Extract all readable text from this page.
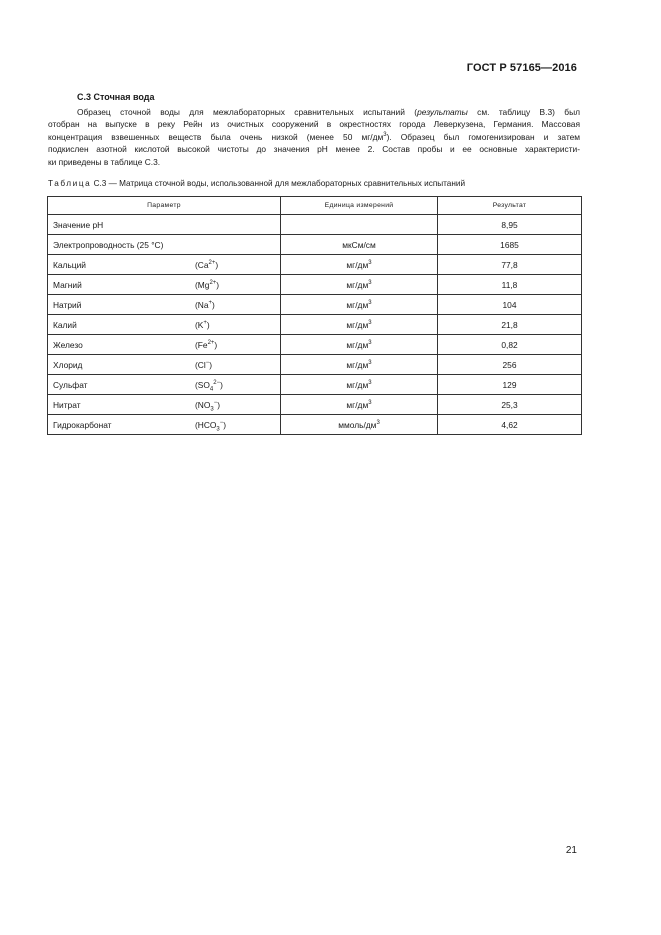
ГОСТ Р 57165—2016
С.3 Сточная вода
Образец сточной воды для межлабораторных сравнительных испытаний (результаты см. таблицу В.3) был
отобран на выпуске в реку Рейн из очистных сооружений в окрестностях города Леверкузена, Германия. Массовая
концентрация взвешенных веществ была очень низкой (менее 50 $мг/дм^3$). Образец был гомогенизирован и затем
подкислен азотной кислотой высокой чистоты до значения pH менее 2. Состав пробы и ее основные характеристи-
ки приведены в таблице С.3.
Таблица С.3 — Матрица сточной воды, использованной для межлабораторных сравнительных испытаний
Параметр	Единица измерений	Результат
Значение pH		8,95
Электропроводность (25 °С)	мкСм/см	1685
Кальций $(Ca^{2+})$	$мг/дм^3$	77,8
Магний $(Mg^{2+})$	$мг/дм^3$	11,8
Натрий (Na+)	$мг/дм^3$	104
Калий (K+)	$мг/дм^3$	21,8
Железо $(Fe^{2+})$	$мг/дм^3$	0,82
Хлорид (Cl−)	$мг/дм^3$	256
Сульфат $(SO_4^{2-})$	$мг/дм^3$	129
Нитрат $(NO_3^-)$	$мг/дм^3$	25,3
Гидрокарбонат $(HCO_3^-)$	ммоль/$дм^3$	4,62
21
